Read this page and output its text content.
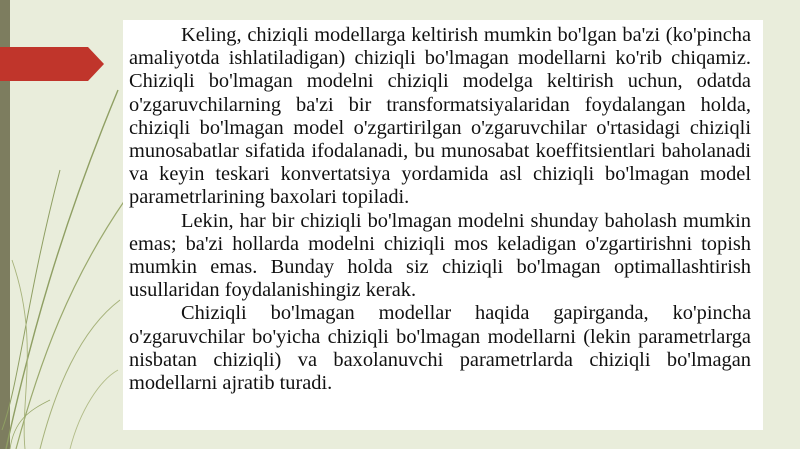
Keling, chiziqli modellarga keltirish mumkin bo'lgan ba'zi (ko'pincha amaliyotda ishlatiladigan) chiziqli bo'lmagan modellarni ko'rib chiqamiz. Chiziqli bo'lmagan modelni chiziqli modelga keltirish uchun, odatda o'zgaruvchilarning ba'zi bir transformatsiyalaridan foydalangan holda, chiziqli bo'lmagan model o'zgartirilgan o'zgaruvchilar o'rtasidagi chiziqli munosabatlar sifatida ifodalanadi, bu munosabat koeffitsientlari baholanadi va keyin teskari konvertatsiya yordamida asl chiziqli bo'lmagan model parametrlarining baxolari topiladi.

Lekin, har bir chiziqli bo'lmagan modelni shunday baholash mumkin emas; ba'zi hollarda modelni chiziqli mos keladigan o'zgartirishni topish mumkin emas. Bunday holda siz chiziqli bo'lmagan optimallashtirish usullaridan foydalanishingiz kerak.

Chiziqli bo'lmagan modellar haqida gapirganda, ko'pincha o'zgaruvchilar bo'yicha chiziqli bo'lmagan modellarni (lekin parametrlarga nisbatan chiziqli) va baxolanuvchi parametrlarda chiziqli bo'lmagan modellarni ajratib turadi.
